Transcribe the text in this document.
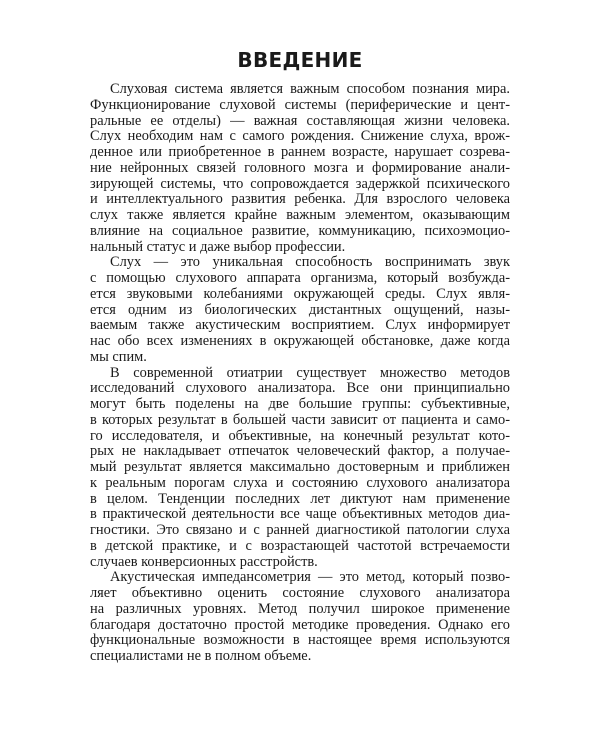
ВВЕДЕНИЕ
Слуховая система является важным способом познания мира.
Функционирование слуховой системы (периферические и цент-
ральные ее отделы) — важная составляющая жизни человека.
Слух необходим нам с самого рождения. Снижение слуха, врож-
денное или приобретенное в раннем возрасте, нарушает созрева-
ние нейронных связей головного мозга и формирование анали-
зирующей системы, что сопровождается задержкой психического
и интеллектуального развития ребенка. Для взрослого человека
слух также является крайне важным элементом, оказывающим
влияние на социальное развитие, коммуникацию, психоэмоцио-
нальный статус и даже выбор профессии.
Слух — это уникальная способность воспринимать звук
с помощью слухового аппарата организма, который возбужда-
ется звуковыми колебаниями окружающей среды. Слух явля-
ется одним из биологических дистантных ощущений, назы-
ваемым также акустическим восприятием. Слух информирует
нас обо всех изменениях в окружающей обстановке, даже когда
мы спим.
В современной отиатрии существует множество методов
исследований слухового анализатора. Все они принципиально
могут быть поделены на две большие группы: субъективные,
в которых результат в большей части зависит от пациента и само-
го исследователя, и объективные, на конечный результат кото-
рых не накладывает отпечаток человеческий фактор, а получае-
мый результат является максимально достоверным и приближен
к реальным порогам слуха и состоянию слухового анализатора
в целом. Тенденции последних лет диктуют нам применение
в практической деятельности все чаще объективных методов диа-
гностики. Это связано и с ранней диагностикой патологии слуха
в детской практике, и с возрастающей частотой встречаемости
случаев конверсионных расстройств.
Акустическая импедансометрия — это метод, который позво-
ляет объективно оценить состояние слухового анализатора
на различных уровнях. Метод получил широкое применение
благодаря достаточно простой методике проведения. Однако его
функциональные возможности в настоящее время используются
специалистами не в полном объеме.
